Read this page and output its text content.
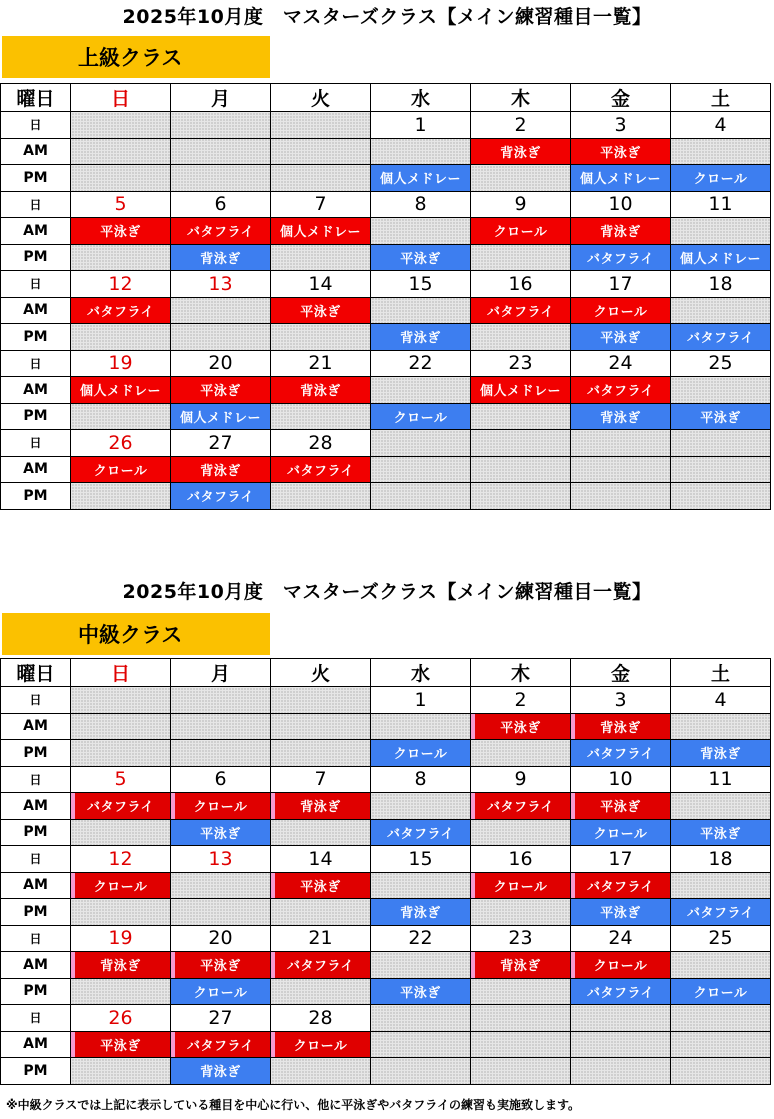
2025年10月度　マスターズクラス【メイン練習種目一覧】
上級クラス
曜日	日	月	火	水	木	金	土
日				1	2	3	4
AM					背泳ぎ	平泳ぎ	
PM				個人メドレー		個人メドレー	クロール
日	5	6	7	8	9	10	11
AM	平泳ぎ	バタフライ	個人メドレー		クロール	背泳ぎ	
PM		背泳ぎ		平泳ぎ		バタフライ	個人メドレー
日	12	13	14	15	16	17	18
AM	バタフライ		平泳ぎ		バタフライ	クロール	
PM				背泳ぎ		平泳ぎ	バタフライ
日	19	20	21	22	23	24	25
AM	個人メドレー	平泳ぎ	背泳ぎ		個人メドレー	バタフライ	
PM		個人メドレー		クロール		背泳ぎ	平泳ぎ
日	26	27	28				
AM	クロール	背泳ぎ	バタフライ				
PM		バタフライ					
2025年10月度　マスターズクラス【メイン練習種目一覧】
中級クラス
曜日	日	月	火	水	木	金	土
日				1	2	3	4
AM					平泳ぎ	背泳ぎ	
PM				クロール		バタフライ	背泳ぎ
日	5	6	7	8	9	10	11
AM	バタフライ	クロール	背泳ぎ		バタフライ	平泳ぎ	
PM		平泳ぎ		バタフライ		クロール	平泳ぎ
日	12	13	14	15	16	17	18
AM	クロール		平泳ぎ		クロール	バタフライ	
PM				背泳ぎ		平泳ぎ	バタフライ
日	19	20	21	22	23	24	25
AM	背泳ぎ	平泳ぎ	バタフライ		背泳ぎ	クロール	
PM		クロール		平泳ぎ		バタフライ	クロール
日	26	27	28				
AM	平泳ぎ	バタフライ	クロール				
PM		背泳ぎ					
※中級クラスでは上記に表示している種目を中心に行い、他に平泳ぎやバタフライの練習も実施致します。
